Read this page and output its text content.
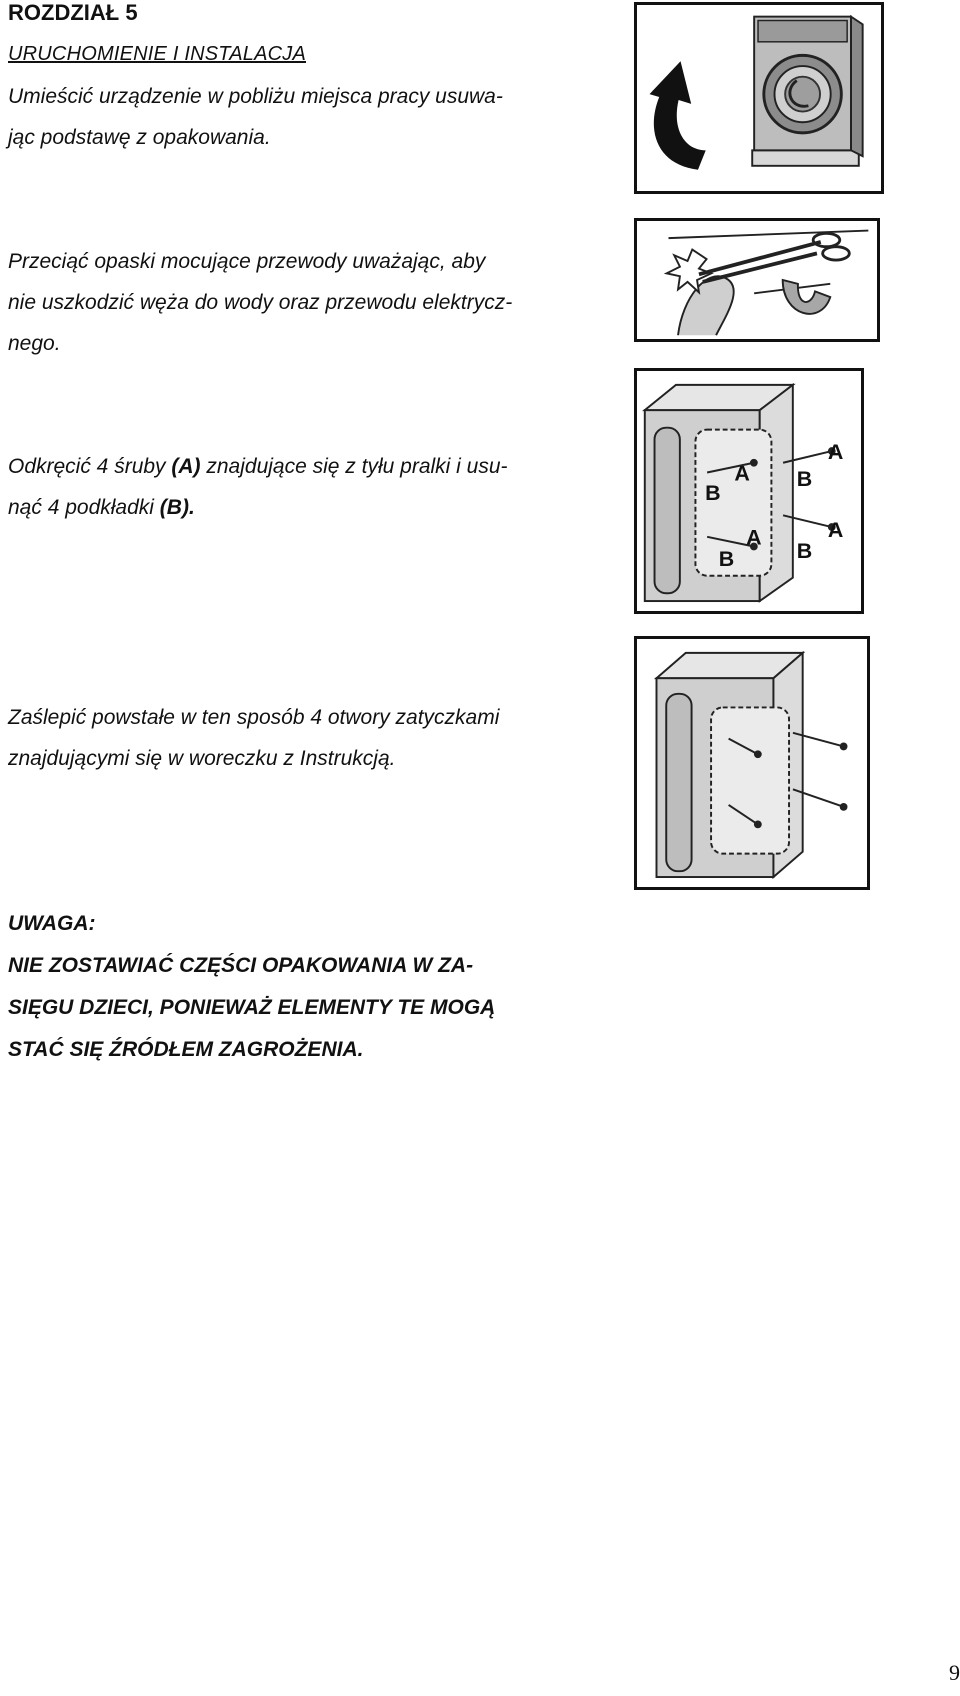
ROZDZIAŁ 5

URUCHOMIENIE I INSTALACJA

Umieścić urządzenie w pobliżu miejsca pracy usuwa-
jąc podstawę z opakowania.
Przeciąć opaski mocujące przewody uważając, aby
nie uszkodzić węża do wody oraz przewodu elektrycz-
nego.
Odkręcić 4 śruby (A) znajdujące się z tyłu pralki i usu-
nąć 4 podkładki (B).
Zaślepić powstałe w ten sposób 4 otwory zatyczkami
znajdującymi się w woreczku z Instrukcją.
UWAGA:
NIE ZOSTAWIAĆ CZĘŚCI OPAKOWANIA W ZA-
SIĘGU DZIECI, PONIEWAŻ ELEMENTY TE MOGĄ
STAĆ SIĘ ŹRÓDŁEM ZAGROŻENIA.
A
B
A
B
A
B
A
B
9
